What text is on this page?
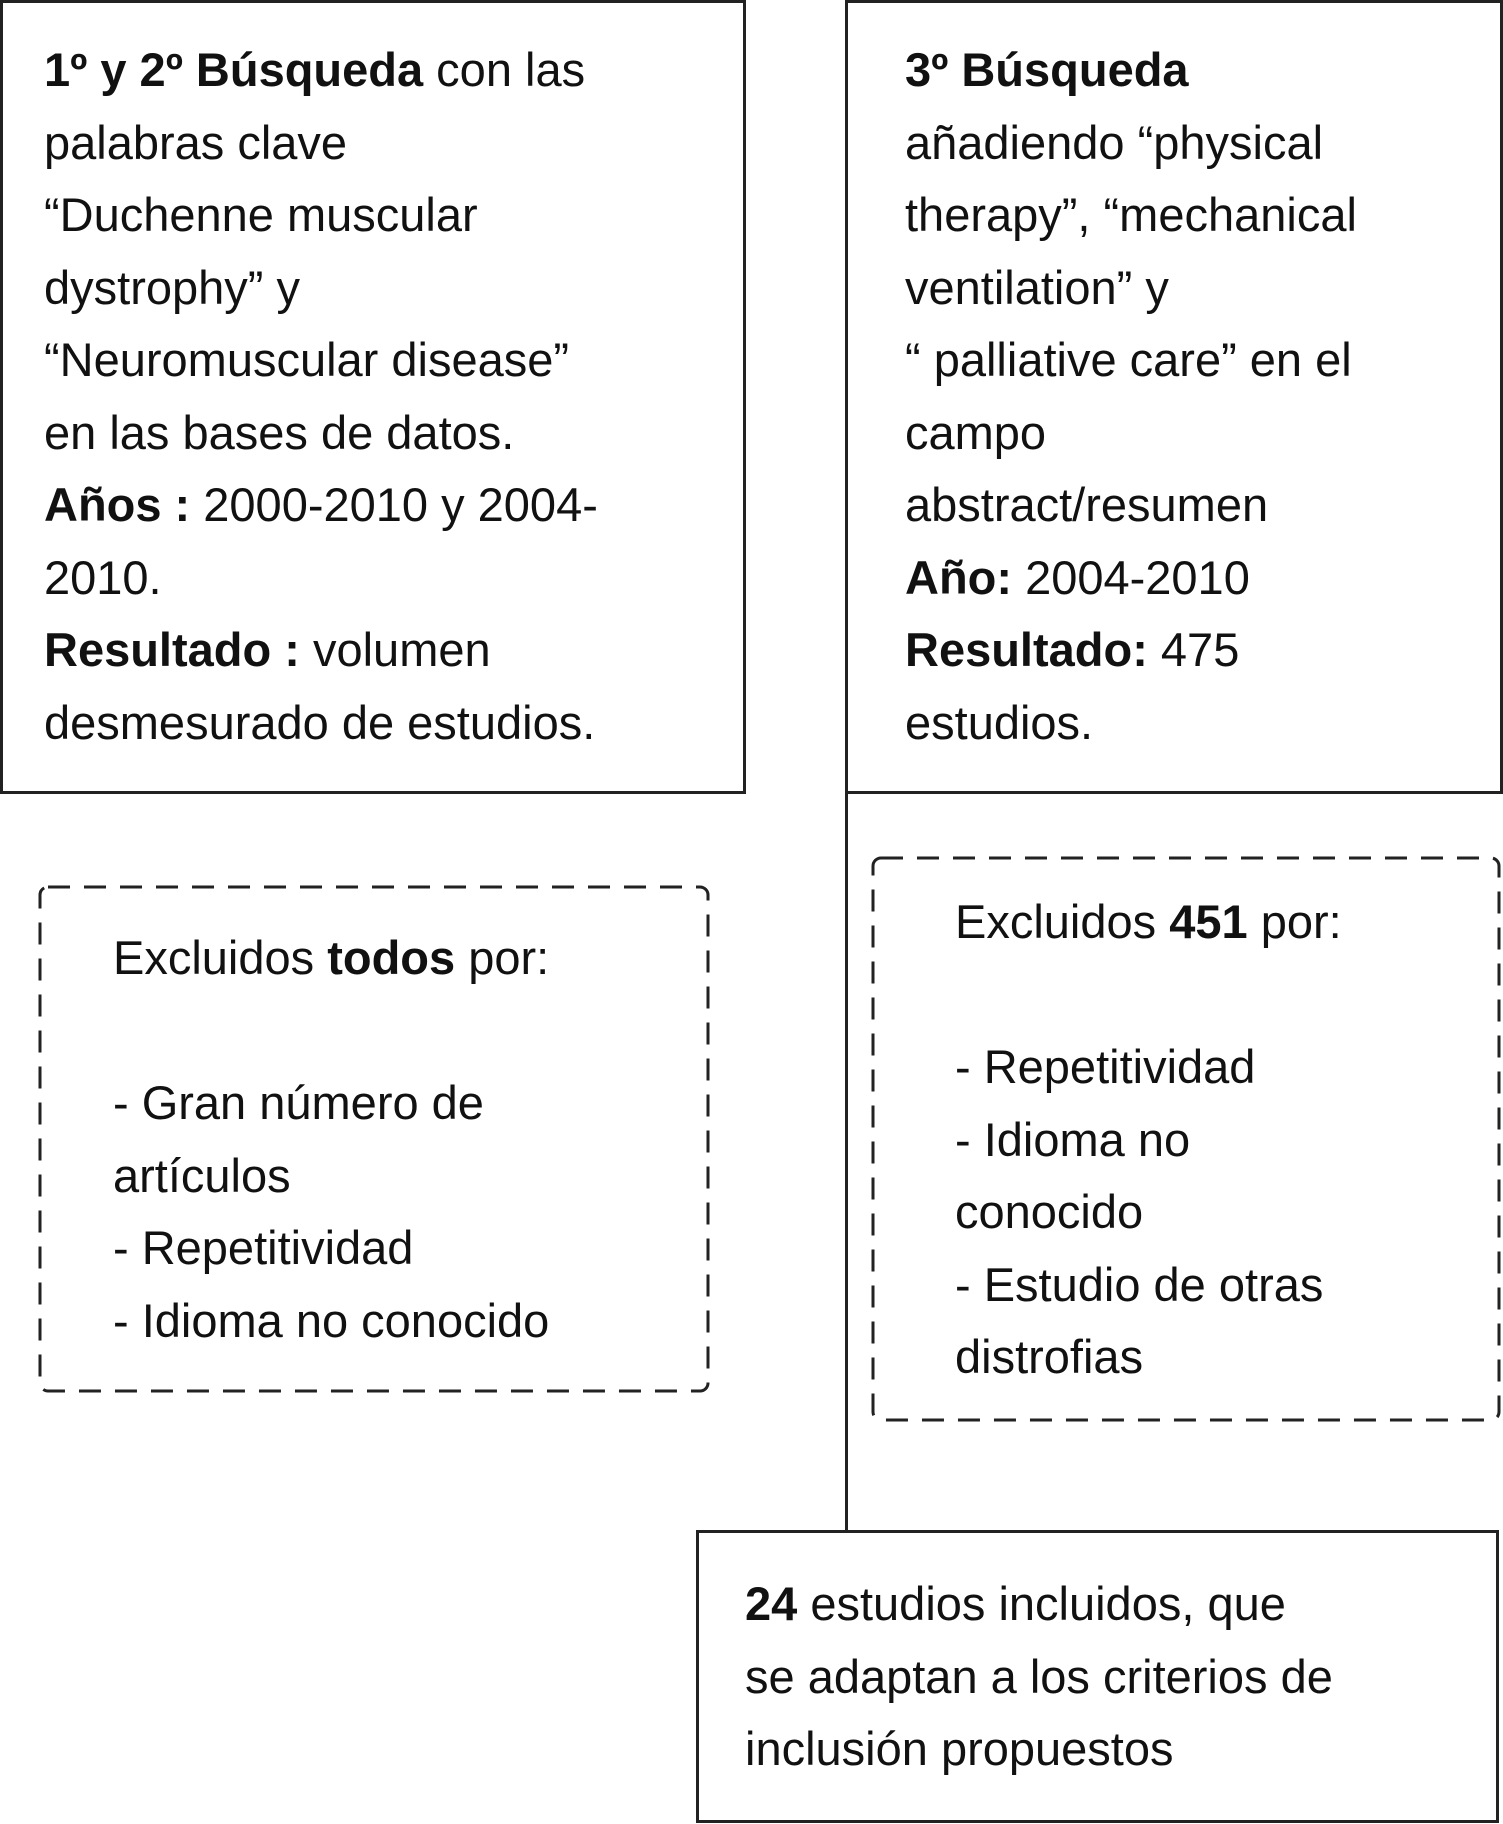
1º y 2º Búsqueda con las
palabras clave
“Duchenne muscular
dystrophy” y
“Neuromuscular disease”
en las bases de datos.
Años : 2000-2010 y 2004-
2010.
Resultado : volumen
desmesurado de estudios.
3º Búsqueda
añadiendo “physical
therapy”, “mechanical
ventilation” y
“ palliative care” en el
campo
abstract/resumen
Año: 2004-2010
Resultado: 475
estudios.
Excluidos todos por:
- Gran número de
artículos
- Repetitividad
- Idioma no conocido
Excluidos 451 por:
- Repetitividad
- Idioma no
conocido
- Estudio de otras
distrofias
24 estudios incluidos, que
se adaptan a los criterios de
inclusión propuestos
